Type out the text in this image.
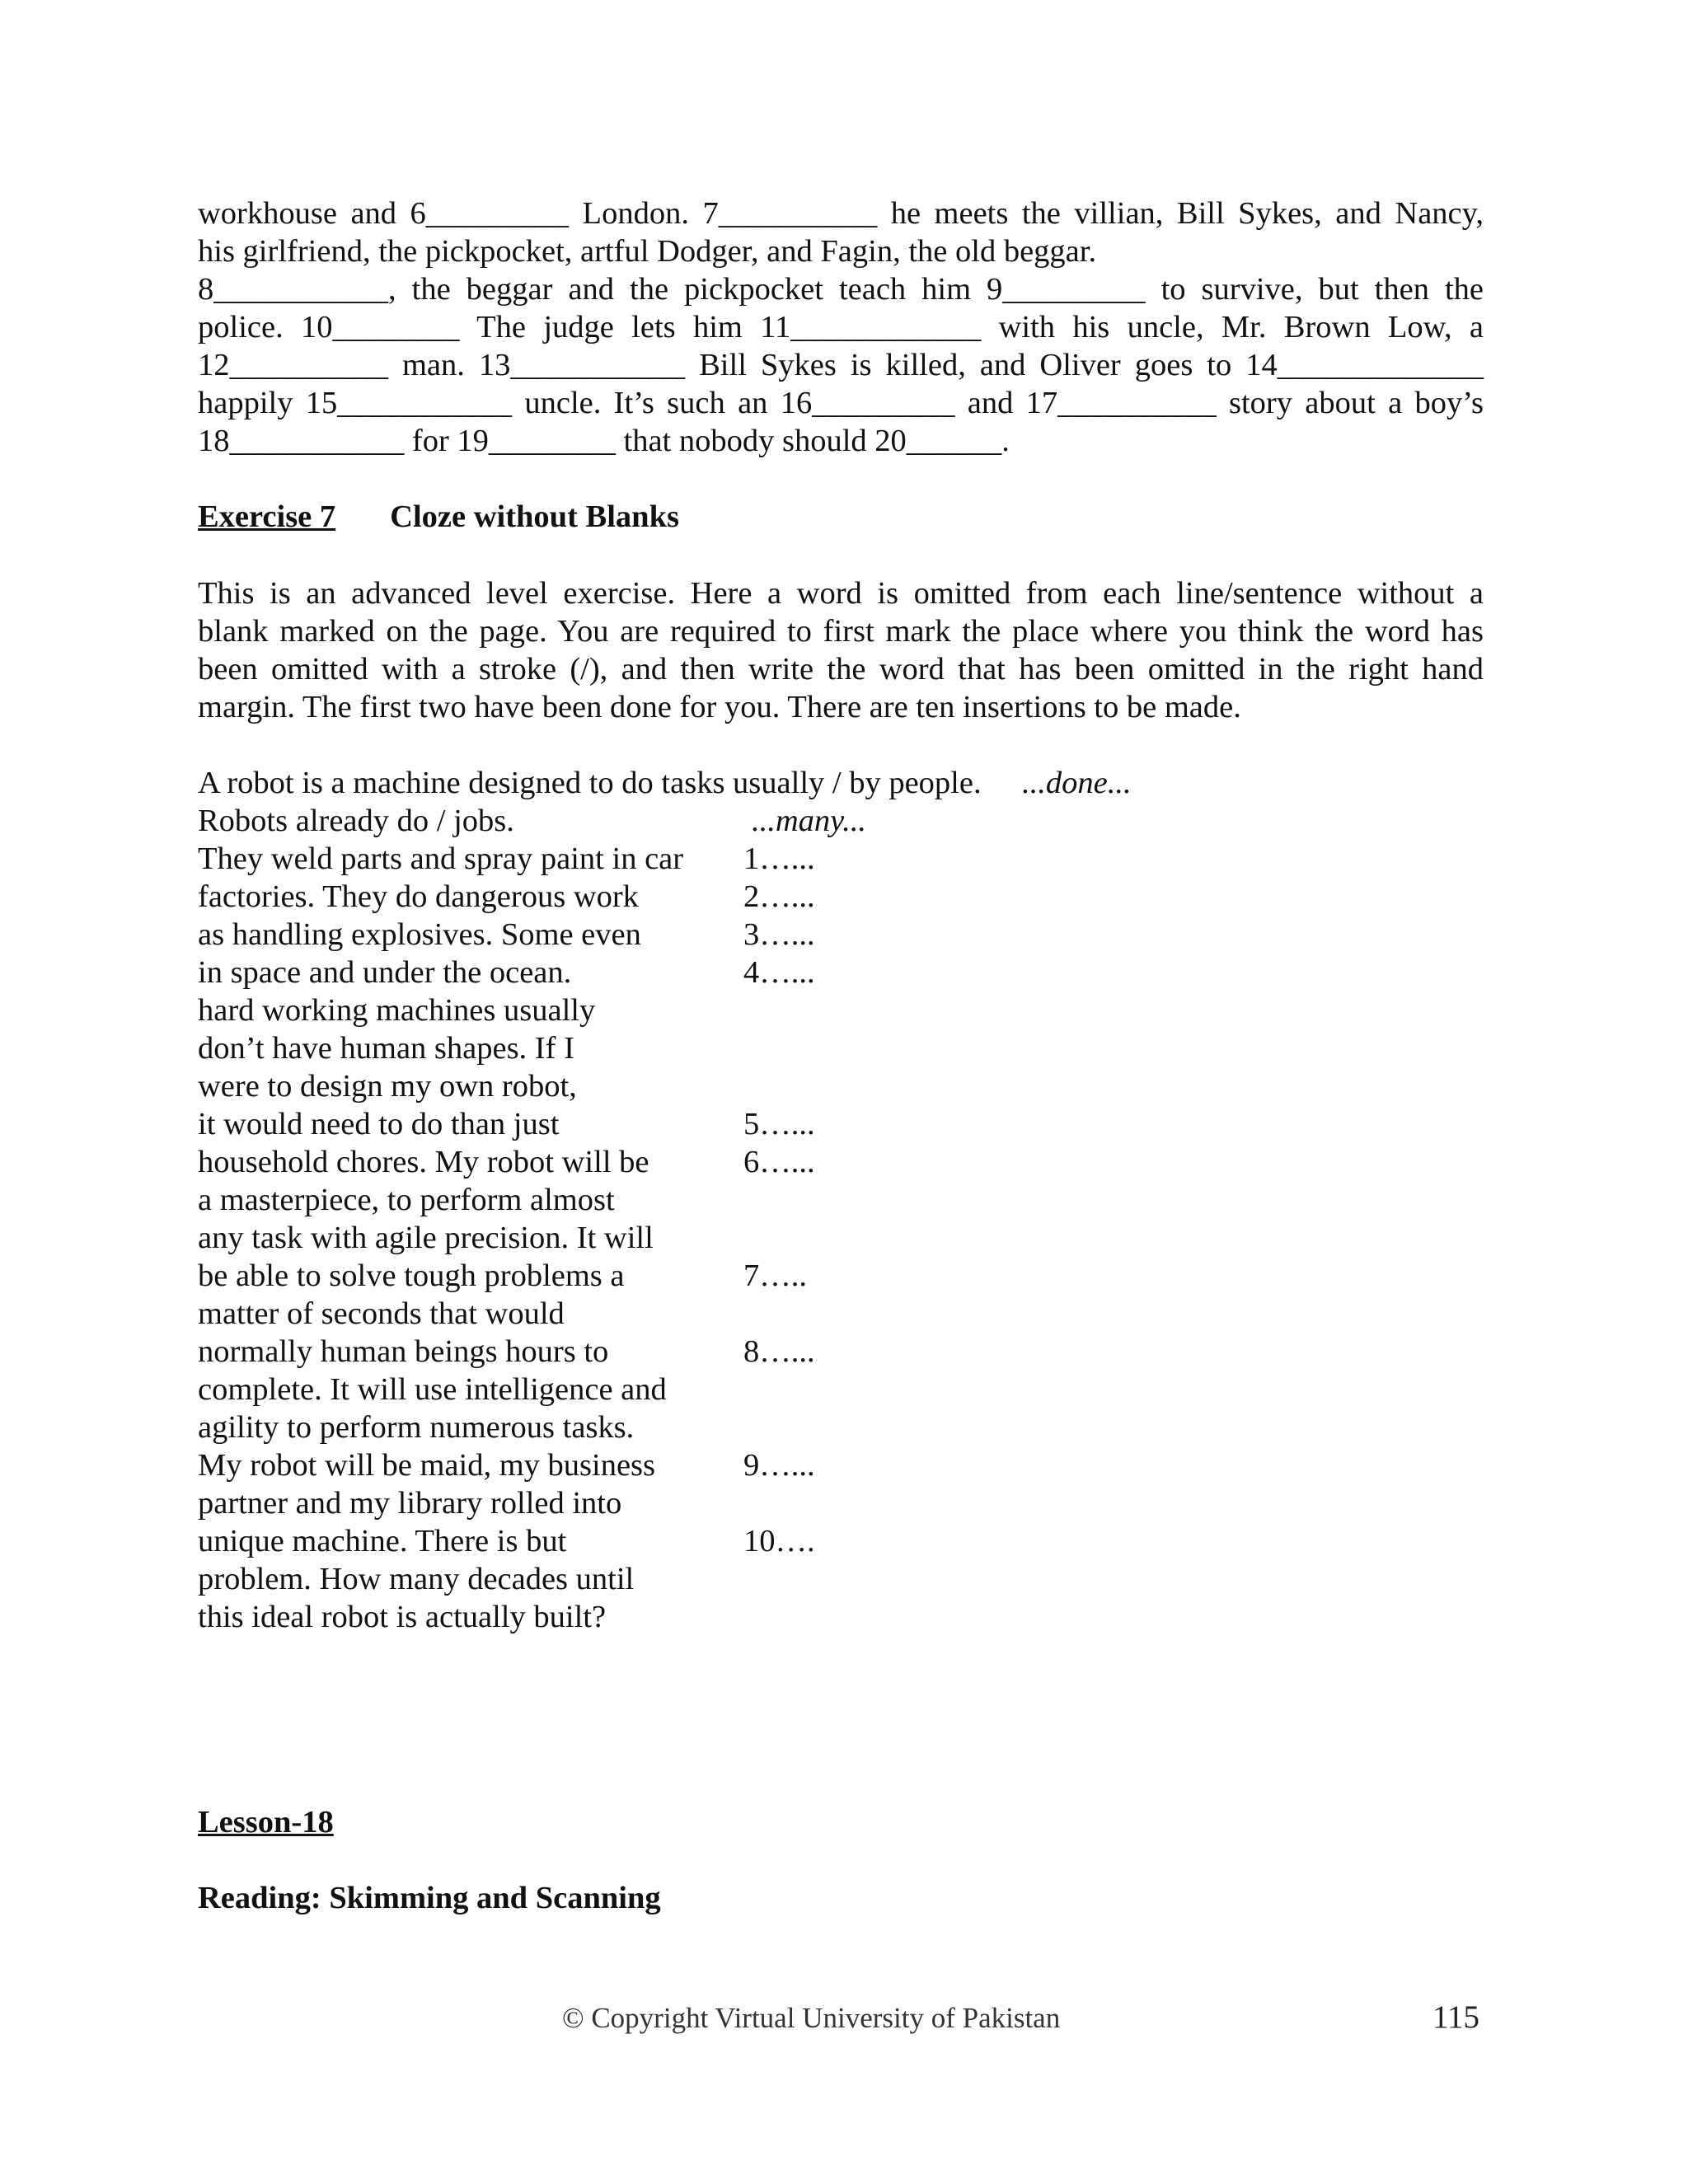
workhouse and 6_________ London. 7__________ he meets the villian, Bill Sykes, and Nancy,
his girlfriend, the pickpocket, artful Dodger, and Fagin, the old beggar.
8___________, the beggar and the pickpocket teach him 9_________ to survive, but then the
police. 10________ The judge lets him 11____________ with his uncle, Mr. Brown Low, a
12__________ man. 13___________ Bill Sykes is killed, and Oliver goes to 14_____________
happily 15___________ uncle. It’s such an 16_________ and 17__________ story about a boy’s
18___________ for 19________ that nobody should 20______.
Exercise 7 Cloze without Blanks
This is an advanced level exercise. Here a word is omitted from each line/sentence without a
blank marked on the page. You are required to first mark the place where you think the word has
been omitted with a stroke (/), and then write the word that has been omitted in the right hand
margin. The first two have been done for you. There are ten insertions to be made.
A robot is a machine designed to do tasks usually / by people. ...done...
Robots already do / jobs.	...many...
They weld parts and spray paint in car 1…...
factories. They do dangerous work	2…...
as handling explosives. Some even	3…...
in space and under the ocean.	4…...
hard working machines usually
don’t have human shapes. If I
were to design my own robot,
it would need to do than just	5…...
household chores. My robot will be	6…...
a masterpiece, to perform almost
any task with agile precision. It will
be able to solve tough problems a	7…..
matter of seconds that would
normally human beings hours to	8…...
complete. It will use intelligence and
agility to perform numerous tasks.
My robot will be maid, my business	9…...
partner and my library rolled into
unique machine. There is but	10….
problem. How many decades until
this ideal robot is actually built?
Lesson-18
Reading: Skimming and Scanning
© Copyright Virtual University of Pakistan	115
